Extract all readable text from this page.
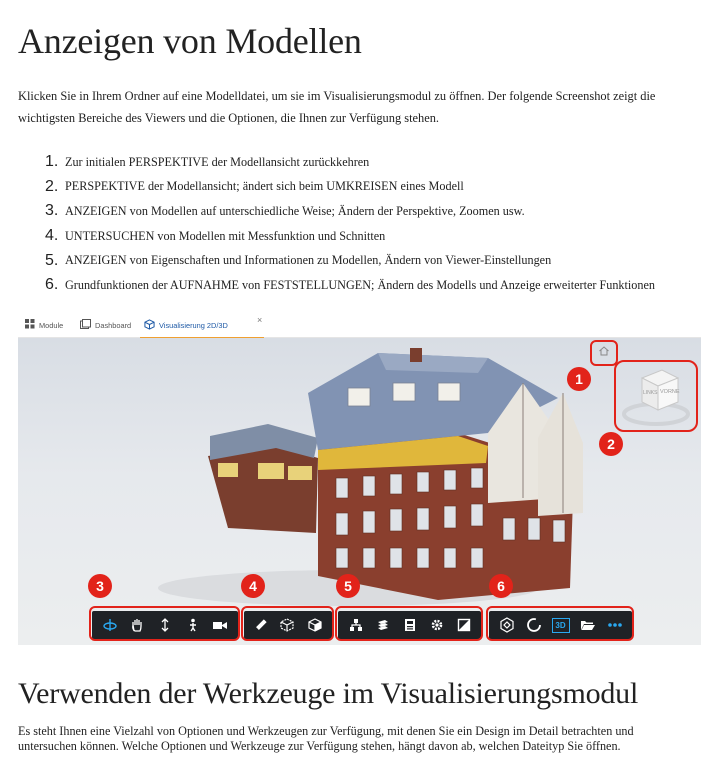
Anzeigen von Modellen

Klicken Sie in Ihrem Ordner auf eine Modelldatei, um sie im Visualisierungsmodul zu öffnen. Der folgende Screenshot zeigt die wichtigsten Bereiche des Viewers und die Optionen, die Ihnen zur Verfügung stehen.

1. Zur initialen PERSPEKTIVE der Modellansicht zurückkehren
2. PERSPEKTIVE der Modellansicht; ändert sich beim UMKREISEN eines Modell
3. ANZEIGEN von Modellen auf unterschiedliche Weise; Ändern der Perspektive, Zoomen usw.
4. UNTERSUCHEN von Modellen mit Messfunktion und Schnitten
5. ANZEIGEN von Eigenschaften und Informationen zu Modellen, Ändern von Viewer-Einstellungen
6. Grundfunktionen der AUFNAHME von FESTSTELLUNGEN; Ändern des Modells und Anzeige erweiterter Funktionen
Module	Dashboard	Visualisierung 2D/3D	×
LINKS VORNE
1
2
3	4	5	6
3D
Verwenden der Werkzeuge im Visualisierungsmodul

Es steht Ihnen eine Vielzahl von Optionen und Werkzeugen zur Verfügung, mit denen Sie ein Design im Detail betrachten und untersuchen können. Welche Optionen und Werkzeuge zur Verfügung stehen, hängt davon ab, welchen Dateityp Sie öffnen.
